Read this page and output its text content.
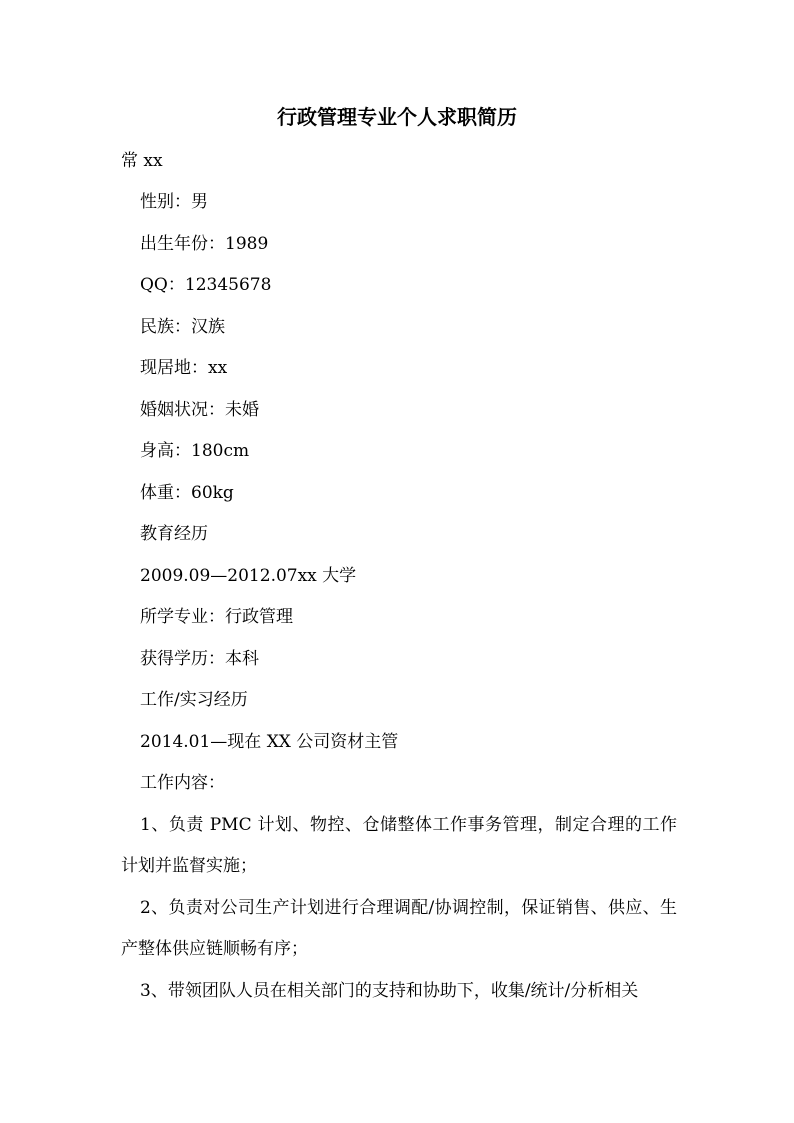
行政管理专业个人求职简历

常 xx

性别：男

出生年份：1989

QQ：12345678

民族：汉族

现居地：xx

婚姻状况：未婚

身高：180cm

体重：60kg

教育经历

2009.09—2012.07xx 大学

所学专业：行政管理

获得学历：本科

工作/实习经历

2014.01—现在 XX 公司资材主管

工作内容：

1、负责 PMC 计划、物控、仓储整体工作事务管理，制定合理的工作计划并监督实施；

2、负责对公司生产计划进行合理调配/协调控制，保证销售、供应、生产整体供应链顺畅有序；

3、带领团队人员在相关部门的支持和协助下，收集/统计/分析相关
